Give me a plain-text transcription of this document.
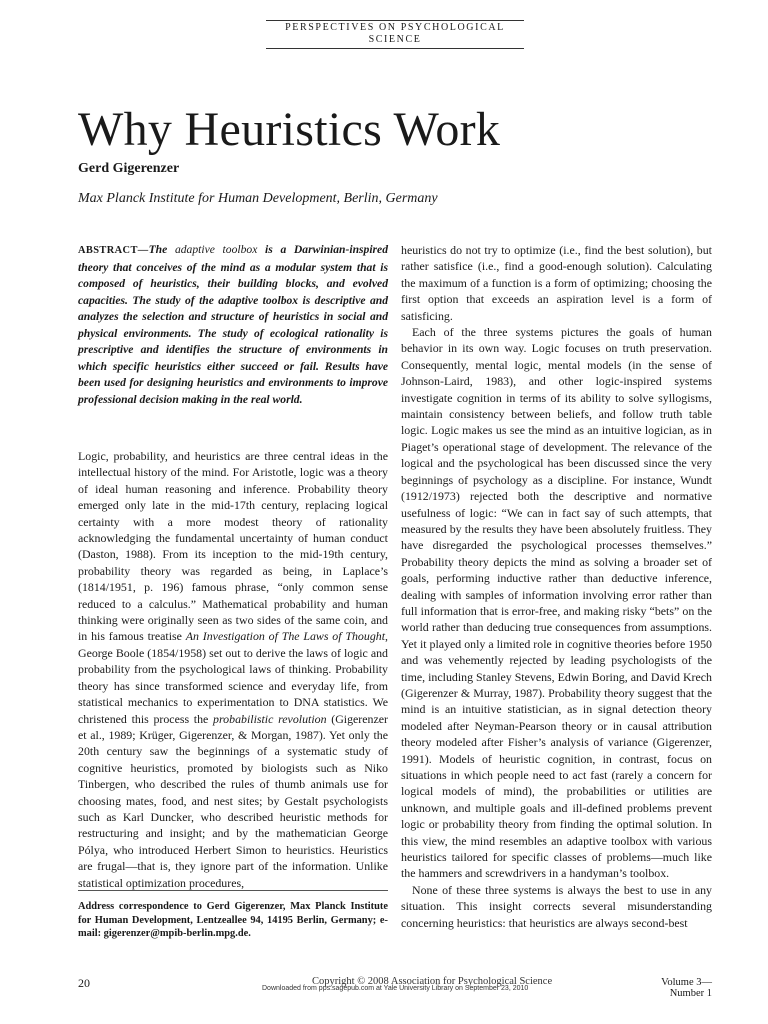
PERSPECTIVES ON PSYCHOLOGICAL SCIENCE
Why Heuristics Work
Gerd Gigerenzer
Max Planck Institute for Human Development, Berlin, Germany
ABSTRACT—The adaptive toolbox is a Darwinian-inspired theory that conceives of the mind as a modular system that is composed of heuristics, their building blocks, and evolved capacities. The study of the adaptive toolbox is descriptive and analyzes the selection and structure of heuristics in social and physical environments. The study of ecological rationality is prescriptive and identifies the structure of environments in which specific heuristics either succeed or fail. Results have been used for designing heuristics and environments to improve professional decision making in the real world.

Logic, probability, and heuristics are three central ideas in the intellectual history of the mind. For Aristotle, logic was a theory of ideal human reasoning and inference. Probability theory emerged only late in the mid-17th century, replacing logical certainty with a more modest theory of rationality acknowledging the fundamental uncertainty of human conduct (Daston, 1988). From its inception to the mid-19th century, probability theory was regarded as being, in Laplace’s (1814/1951, p. 196) famous phrase, “only common sense reduced to a calculus.” Mathematical probability and human thinking were originally seen as two sides of the same coin, and in his famous treatise An Investigation of The Laws of Thought, George Boole (1854/1958) set out to derive the laws of logic and probability from the psychological laws of thinking. Probability theory has since transformed science and everyday life, from statistical mechanics to experimentation to DNA statistics. We christened this process the probabilistic revolution (Gigerenzer et al., 1989; Krüger, Gigerenzer, & Morgan, 1987). Yet only the 20th century saw the beginnings of a systematic study of cognitive heuristics, promoted by biologists such as Niko Tinbergen, who described the rules of thumb animals use for choosing mates, food, and nest sites; by Gestalt psychologists such as Karl Duncker, who described heuristic methods for restructuring and insight; and by the mathematician George Pólya, who introduced Herbert Simon to heuristics. Heuristics are frugal—that is, they ignore part of the information. Unlike statistical optimization procedures,

heuristics do not try to optimize (i.e., find the best solution), but rather satisfice (i.e., find a good-enough solution). Calculating the maximum of a function is a form of optimizing; choosing the first option that exceeds an aspiration level is a form of satisficing.

Each of the three systems pictures the goals of human behavior in its own way. Logic focuses on truth preservation. Consequently, mental logic, mental models (in the sense of Johnson-Laird, 1983), and other logic-inspired systems investigate cognition in terms of its ability to solve syllogisms, maintain consistency between beliefs, and follow truth table logic. Logic makes us see the mind as an intuitive logician, as in Piaget’s operational stage of development. The relevance of the logical and the psychological has been discussed since the very beginnings of psychology as a discipline. For instance, Wundt (1912/1973) rejected both the descriptive and normative usefulness of logic: “We can in fact say of such attempts, that measured by the results they have been absolutely fruitless. They have disregarded the psychological processes themselves.” Probability theory depicts the mind as solving a broader set of goals, performing inductive rather than deductive inference, dealing with samples of information involving error rather than full information that is error-free, and making risky “bets” on the world rather than deducing true consequences from assumptions. Yet it played only a limited role in cognitive theories before 1950 and was vehemently rejected by leading psychologists of the time, including Stanley Stevens, Edwin Boring, and David Krech (Gigerenzer & Murray, 1987). Probability theory suggest that the mind is an intuitive statistician, as in signal detection theory modeled after Neyman-Pearson theory or in causal attribution theory modeled after Fisher’s analysis of variance (Gigerenzer, 1991). Models of heuristic cognition, in contrast, focus on situations in which people need to act fast (rarely a concern for logical models of mind), the probabilities or utilities are unknown, and multiple goals and ill-defined problems prevent logic or probability theory from finding the optimal solution. In this view, the mind resembles an adaptive toolbox with various heuristics tailored for specific classes of problems—much like the hammers and screwdrivers in a handyman’s toolbox.

None of these three systems is always the best to use in any situation. This insight corrects several misunderstanding concerning heuristics: that heuristics are always second-best

Address correspondence to Gerd Gigerenzer, Max Planck Institute for Human Development, Lentzeallee 94, 14195 Berlin, Germany; e-mail: gigerenzer@mpib-berlin.mpg.de.
20	Copyright © 2008 Association for Psychological Science
Downloaded from pps.sagepub.com at Yale University Library on September 23, 2010
Volume 3—Number 1
